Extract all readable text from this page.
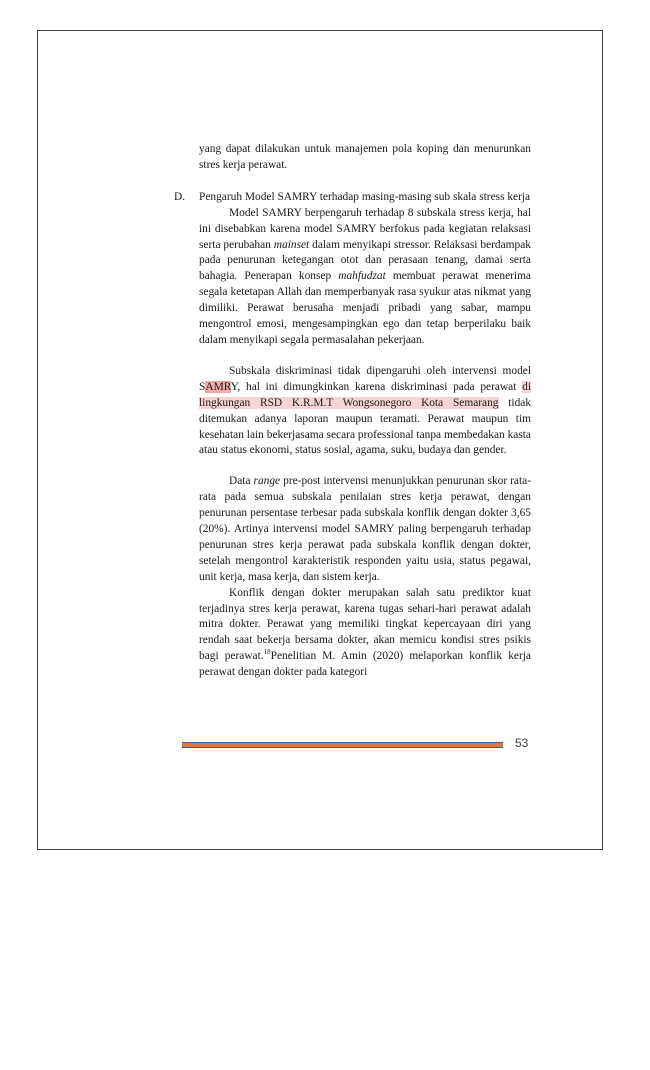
yang dapat dilakukan untuk manajemen pola koping dan menurunkan stres kerja perawat.

D. Pengaruh Model SAMRY terhadap masing-masing sub skala stress kerja

Model SAMRY berpengaruh terhadap 8 subskala stress kerja, hal ini disebabkan karena model SAMRY berfokus pada kegiatan relaksasi serta perubahan mainset dalam menyikapi stressor. Relaksasi berdampak pada penurunan ketegangan otot dan perasaan tenang, damai serta bahagia. Penerapan konsep mahfudzat membuat perawat menerima segala ketetapan Allah dan memperbanyak rasa syukur atas nikmat yang dimiliki. Perawat berusaha menjadi pribadi yang sabar, mampu mengontrol emosi, mengesampingkan ego dan tetap berperilaku baik dalam menyikapi segala permasalahan pekerjaan.

Subskala diskriminasi tidak dipengaruhi oleh intervensi model SAMRY, hal ini dimungkinkan karena diskriminasi pada perawat di lingkungan RSD K.R.M.T Wongsonegoro Kota Semarang tidak ditemukan adanya laporan maupun teramati. Perawat maupun tim kesehatan lain bekerjasama secara professional tanpa membedakan kasta atau status ekonomi, status sosial, agama, suku, budaya dan gender.

Data range pre-post intervensi menunjukkan penurunan skor rata-rata pada semua subskala penilaian stres kerja perawat, dengan penurunan persentase terbesar pada subskala konflik dengan dokter 3,65 (20%). Artinya intervensi model SAMRY paling berpengaruh terhadap penurunan stres kerja perawat pada subskala konflik dengan dokter, setelah mengontrol karakteristik responden yaitu usia, status pegawai, unit kerja, masa kerja, dan sistem kerja.

Konflik dengan dokter merupakan salah satu prediktor kuat terjadinya stres kerja perawat, karena tugas sehari-hari perawat adalah mitra dokter. Perawat yang memiliki tingkat kepercayaan diri yang rendah saat bekerja bersama dokter, akan memicu kondisi stres psikis bagi perawat.$^{18}$Penelitian M. Amin (2020) melaporkan konflik kerja perawat dengan dokter pada kategori

53
